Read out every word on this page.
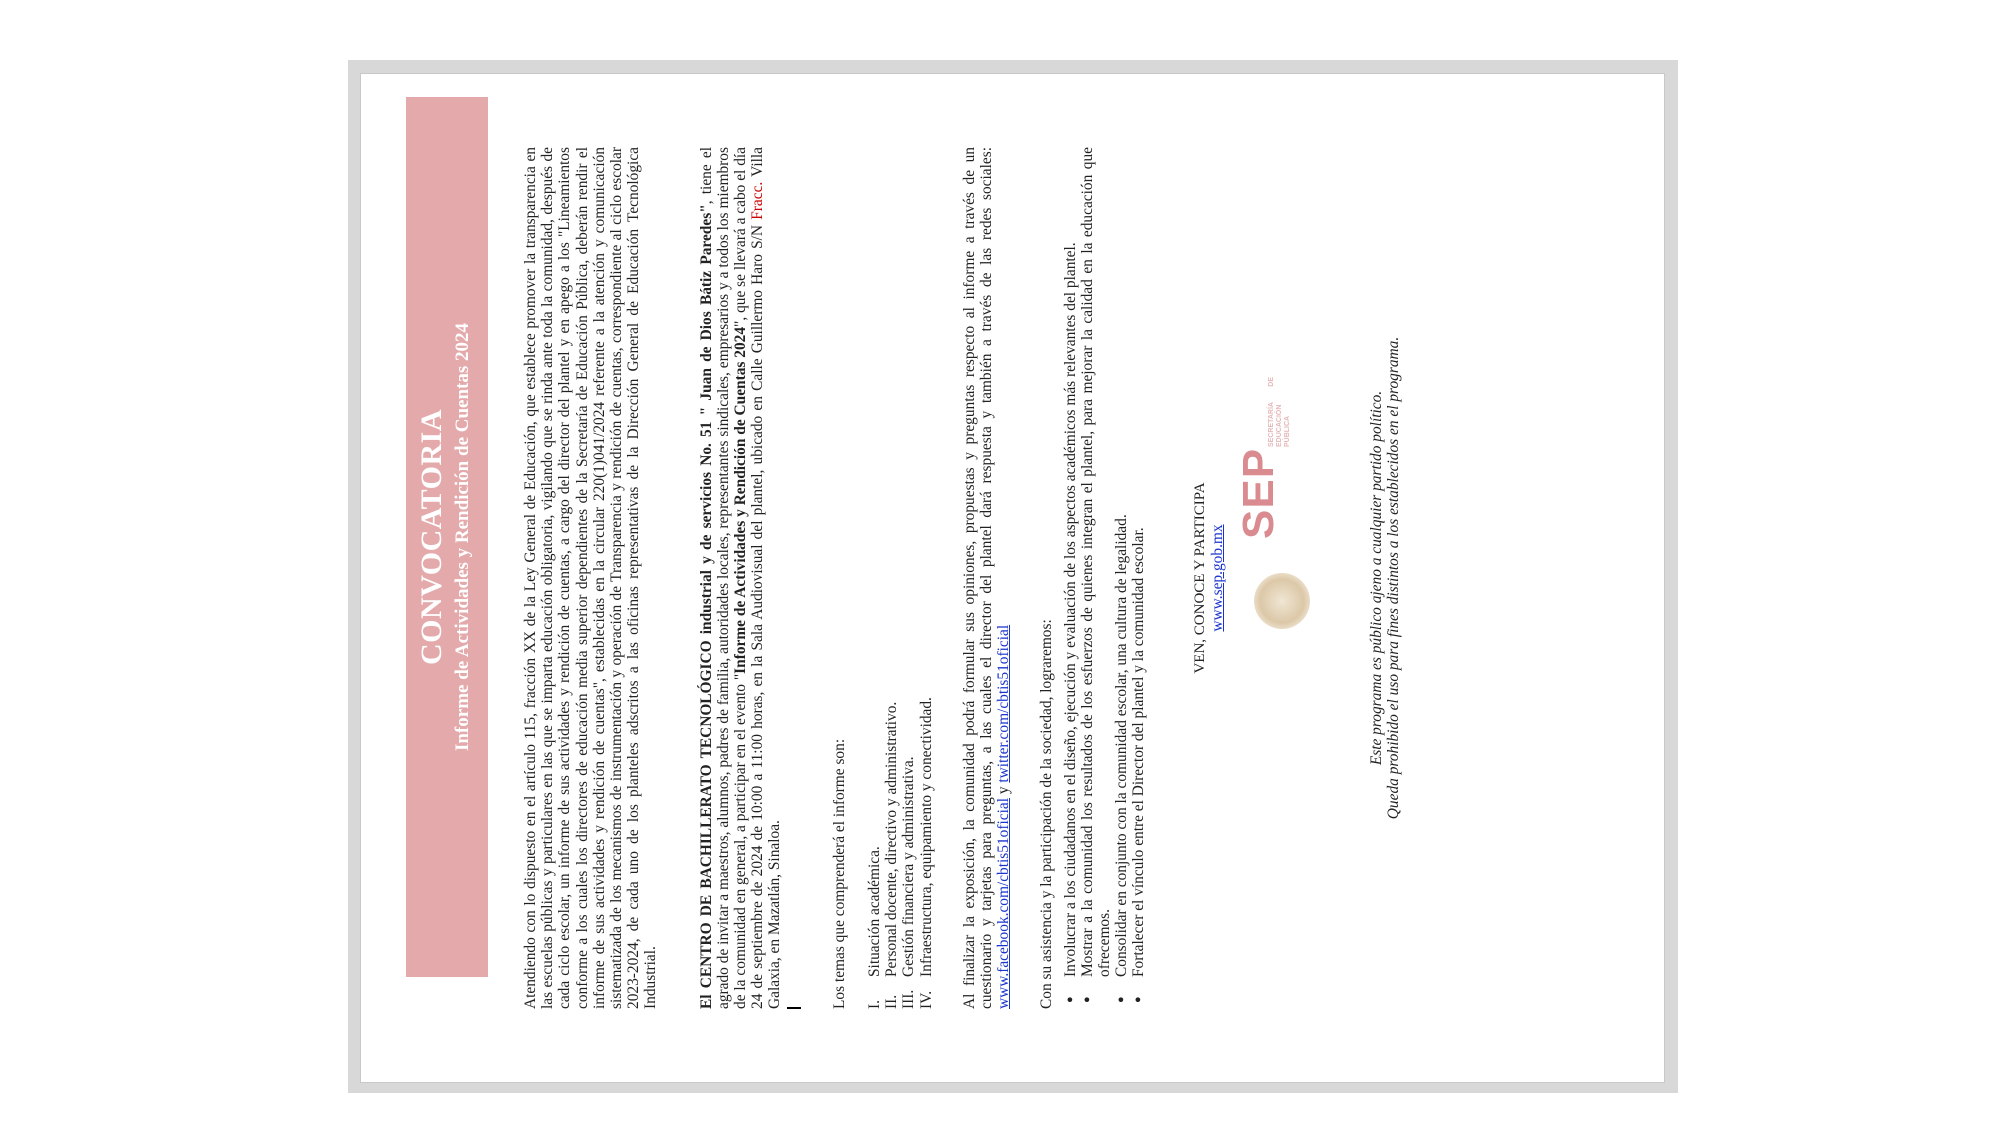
CONVOCATORIA Informe de Actividades y Rendición de Cuentas 2024	Atendiendo con lo dispuesto en el artículo 115, fracción XX de la Ley General de Educación, que establece promover la transparencia en las escuelas públicas y particulares en las que se imparta educación obligatoria, vigilando que se rinda ante toda la comunidad, después de cada ciclo escolar, un informe de sus actividades y rendición de cuentas, a cargo del director del plantel y en apego a los "Lineamientos conforme a los cuales los directores de educación media superior dependientes de la Secretaría de Educación Pública, deberán rendir el informe de sus actividades y rendición de cuentas", establecidas en la circular 220(1)041/2024 referente a la atención y comunicación sistematizada de los mecanismos de instrumentación y operación de Transparencia y rendición de cuentas, correspondiente al ciclo escolar 2023-2024, de cada uno de los planteles adscritos a las oficinas representativas de la Dirección General de Educación Tecnológica Industrial. El CENTRO DE BACHILLERATO TECNOLÓGICO industrial y de servicios No. 51 " Juan de Dios Bátiz Paredes", tiene el agrado de invitar a maestros, alumnos, padres de familia, autoridades locales, representantes sindicales, empresarios y a todos los miembros de la comunidad en general, a participar en el evento "Informe de Actividades y Rendición de Cuentas 2024", que se llevará a cabo el día 24 de septiembre de 2024 de 10:00 a 11:00 horas, en la Sala Audiovisual del plantel, ubicado en Calle Guillermo Haro S/N Fracc. Villa Galaxia, en Mazatlán, Sinaloa.	Los temas que comprenderá el informe son: I.
Situación académica.
II.
Personal docente, directivo y administrativo.
III.
Gestión financiera y administrativa.
IV.
Infraestructura, equipamiento y conectividad. Al finalizar la exposición, la comunidad podrá formular sus opiniones, propuestas y preguntas respecto al informe a través de un cuestionario y tarjetas para preguntas, a las cuales el director del plantel dará respuesta y también a través de las redes sociales: www.facebook.com/cbtis51oficial y twitter.com/cbtis51oficial Con su asistencia y la participación de la sociedad, lograremos: ● Involucrar a los ciudadanos en el diseño, ejecución y evaluación de los aspectos académicos más relevantes del plantel. ● Mostrar a la comunidad los resultados de los esfuerzos de quienes integran el plantel, para mejorar la calidad en la educación que ofrecemos. ● Consolidar en conjunto con la comunidad escolar, una cultura de legalidad. ● Fortalecer el vínculo entre el Director del plantel y la comunidad escolar.	VEN, CONOCE Y PARTICIPA www.sep.gob.mx
SEP
SECRETARÍA DE EDUCACIÓN PÚBLICA	Este programa es público ajeno a cualquier partido político. Queda prohibido el uso para fines distintos a los establecidos en el programa.
